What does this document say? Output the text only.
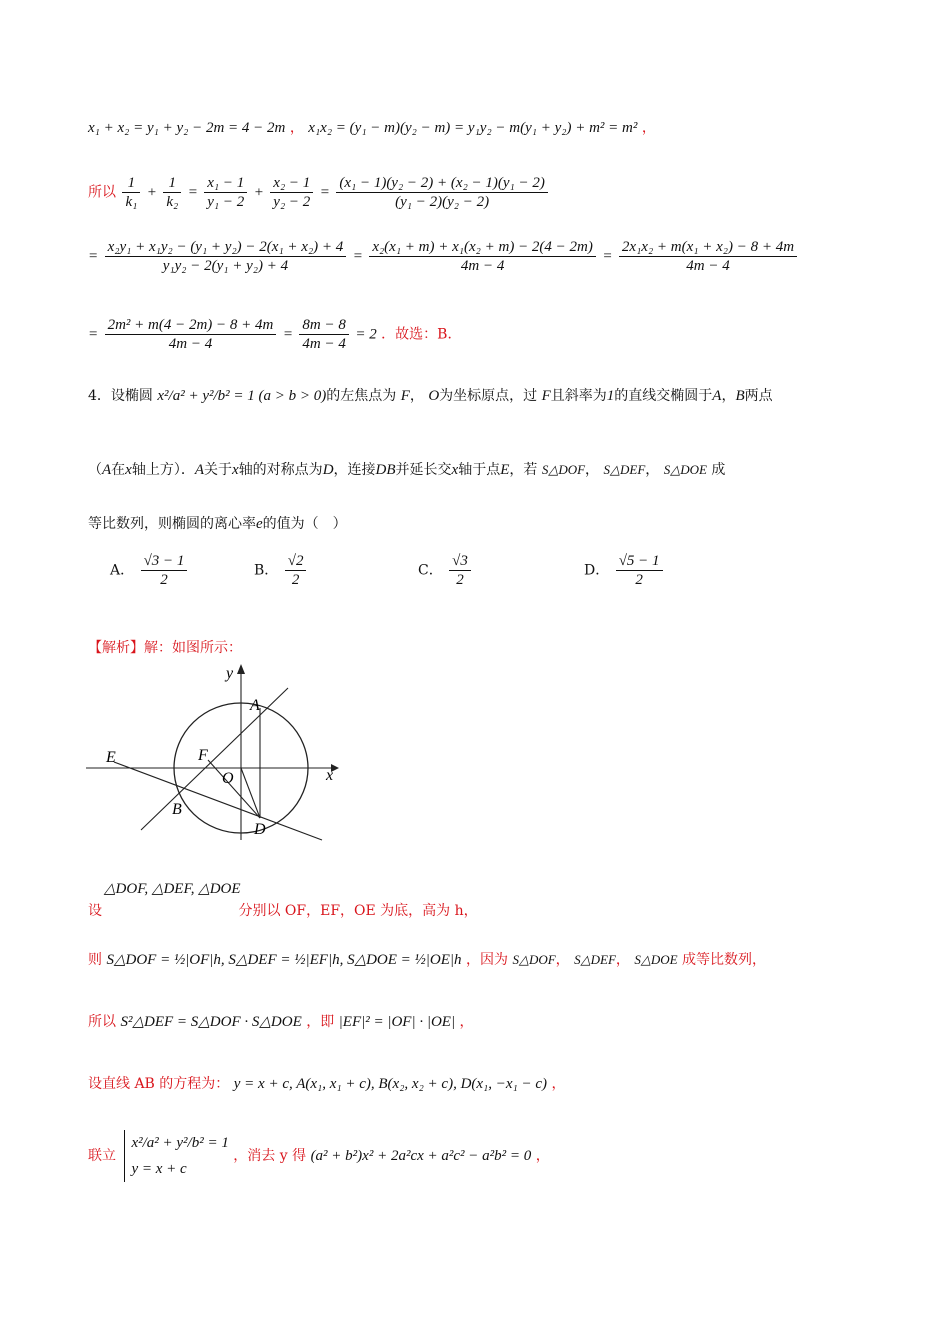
x₁ + x₂ = y₁ + y₂ − 2m = 4 − 2m ， x₁x₂ = (y₁ − m)(y₂ − m) = y₁y₂ − m(y₁ + y₂) + m² = m² ，
所以 $\frac{1}{\text{k₁}} + \frac{1}{\text{k₂}} = \frac{\text{x₁ − 1}}{\text{y₁ − 2}} + \frac{\text{x₂ − 1}}{\text{y₂ − 2}} = \frac{\text{(x₁ − 1)(y₂ − 2) + (x₂ − 1)(y₁ − 2)}}{\text{(y₁ − 2)(y₂ − 2)}}$
= $\frac{\text{x₂y₁ + x₁y₂ − (y₁ + y₂) − 2(x₁ + x₂) + 4}}{\text{y₁y₂ − 2(y₁ + y₂) + 4}} = \frac{\text{x₂(x₁ + m) + x₁(x₂ + m) − 2(4 − 2m)}}{4m - 4} = \frac{\text{2x₁x₂ + m(x₁ + x₂) − 8 + 4m}}{4m - 4}$
= $\frac{\text{2m² + m(4 − 2m) − 8 + 4m}}{4m - 4} = \frac{8m - 8}{4m - 4} = 2$ ．故选：B．
4．设椭圆 x²/a² + y²/b² = 1 (a > b > 0)的左焦点为 F， O为坐标原点，过 F且斜率为1的直线交椭圆于A，B两点
（A在x轴上方）．A关于x轴的对称点为D，连接DB并延长交x轴于点E，若 S△DOF， S△DEF， S△DOE 成
等比数列，则椭圆的离心率e的值为（　）
A． $\frac{√3 - 1}{2}$	B． $\frac{√2}{2}$	C． $\frac{√3}{2}$	D． $\frac{√5 - 1}{2}$
【解析】解：如图所示：
y
x
A
B
D
E	F
O
△DOF, △DEF, △DOE
设	分别以 OF，EF，OE 为底，高为 h，
则 S△DOF = ½|OF|h, S△DEF = ½|EF|h, S△DOE = ½|OE|h ，因为 S△DOF， S△DEF， S△DOE 成等比数列，
所以 S²△DEF = S△DOF · S△DOE ，即 |EF|² = |OF| · |OE| ，
设直线 AB 的方程为： y = x + c, A(x₁, x₁ + c), B(x₂, x₂ + c), D(x₁, −x₁ − c) ，
联立
x²/a² + y²/b² = 1
y = x + c
，消去 y 得 (a² + b²)x² + 2a²cx + a²c² − a²b² = 0 ，
